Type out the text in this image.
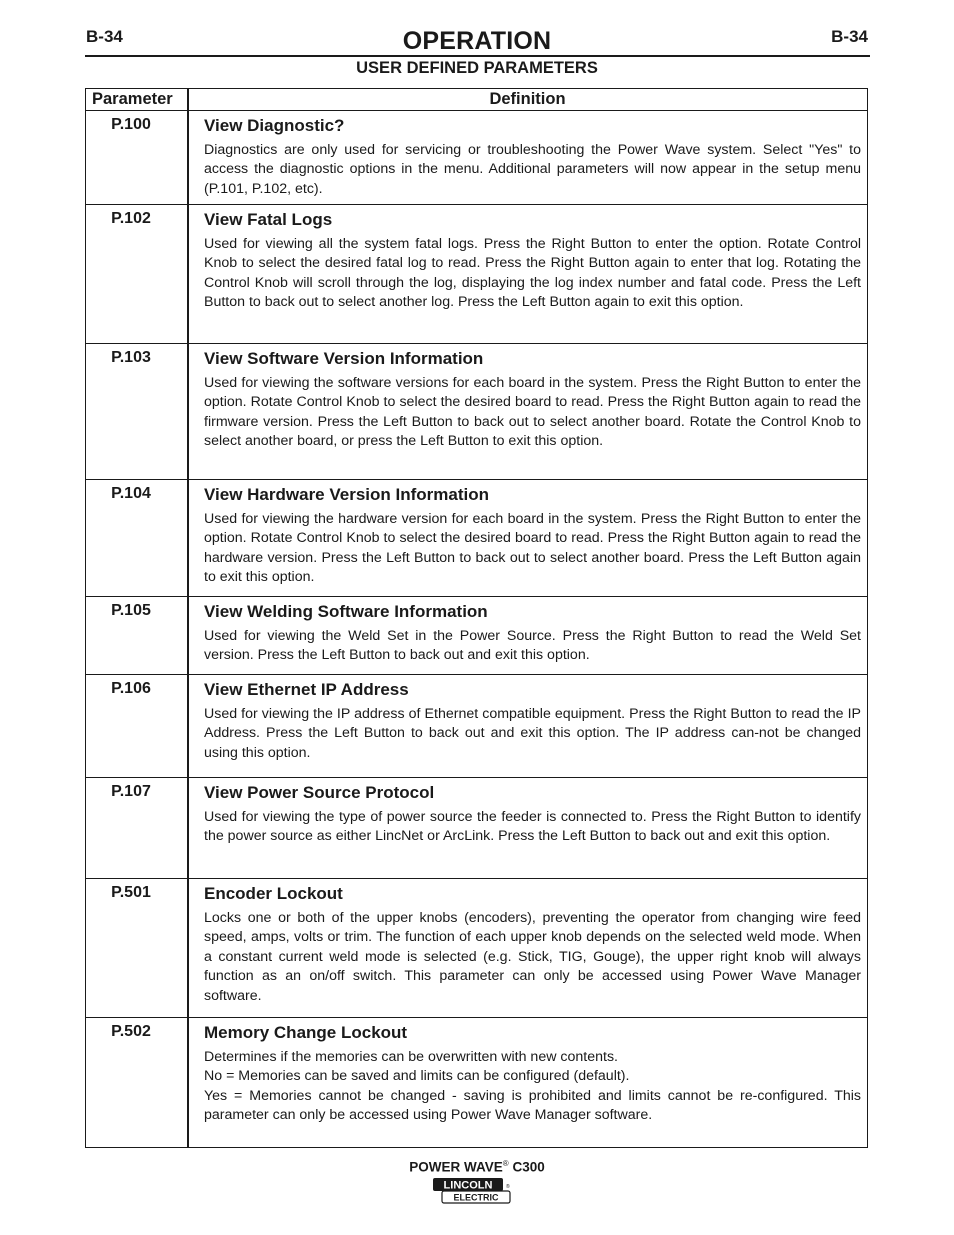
B-34	OPERATION	B-34
USER DEFINED PARAMETERS
Parameter	Definition
P.100	View Diagnostic?

Diagnostics are only used for servicing or troubleshooting the Power Wave system. Select "Yes" to access the diagnostic options in the menu. Additional parameters will now appear in the setup menu (P.101, P.102, etc).

P.102	View Fatal Logs

Used for viewing all the system fatal logs. Press the Right Button to enter the option. Rotate Control Knob to select the desired fatal log to read. Press the Right Button again to enter that log. Rotating the Control Knob will scroll through the log, displaying the log index number and fatal code. Press the Left Button to back out to select another log. Press the Left Button again to exit this option.

P.103	View Software Version Information

Used for viewing the software versions for each board in the system. Press the Right Button to enter the option. Rotate Control Knob to select the desired board to read. Press the Right Button again to read the firmware version. Press the Left Button to back out to select another board. Rotate the Control Knob to select another board, or press the Left Button to exit this option.

P.104	View Hardware Version Information

Used for viewing the hardware version for each board in the system. Press the Right Button to enter the option. Rotate Control Knob to select the desired board to read. Press the Right Button again to read the hardware version. Press the Left Button to back out to select another board. Press the Left Button again to exit this option.

P.105	View Welding Software Information

Used for viewing the Weld Set in the Power Source. Press the Right Button to read the Weld Set version. Press the Left Button to back out and exit this option.

P.106	View Ethernet IP Address

Used for viewing the IP address of Ethernet compatible equipment. Press the Right Button to read the IP Address. Press the Left Button to back out and exit this option. The IP address can-not be changed using this option.

P.107	View Power Source Protocol

Used for viewing the type of power source the feeder is connected to. Press the Right Button to identify the power source as either LincNet or ArcLink. Press the Left Button to back out and exit this option.

P.501	Encoder Lockout

Locks one or both of the upper knobs (encoders), preventing the operator from changing wire feed speed, amps, volts or trim. The function of each upper knob depends on the selected weld mode. When a constant current weld mode is selected (e.g. Stick, TIG, Gouge), the upper right knob will always function as an on/off switch. This parameter can only be accessed using Power Wave Manager software.

P.502	Memory Change Lockout

Determines if the memories can be overwritten with new contents.

No = Memories can be saved and limits can be configured (default).

Yes = Memories cannot be changed - saving is prohibited and limits cannot be re-configured. This parameter can only be accessed using Power Wave Manager software.

POWER WAVE® C300
LINCOLN
ELECTRIC
®
